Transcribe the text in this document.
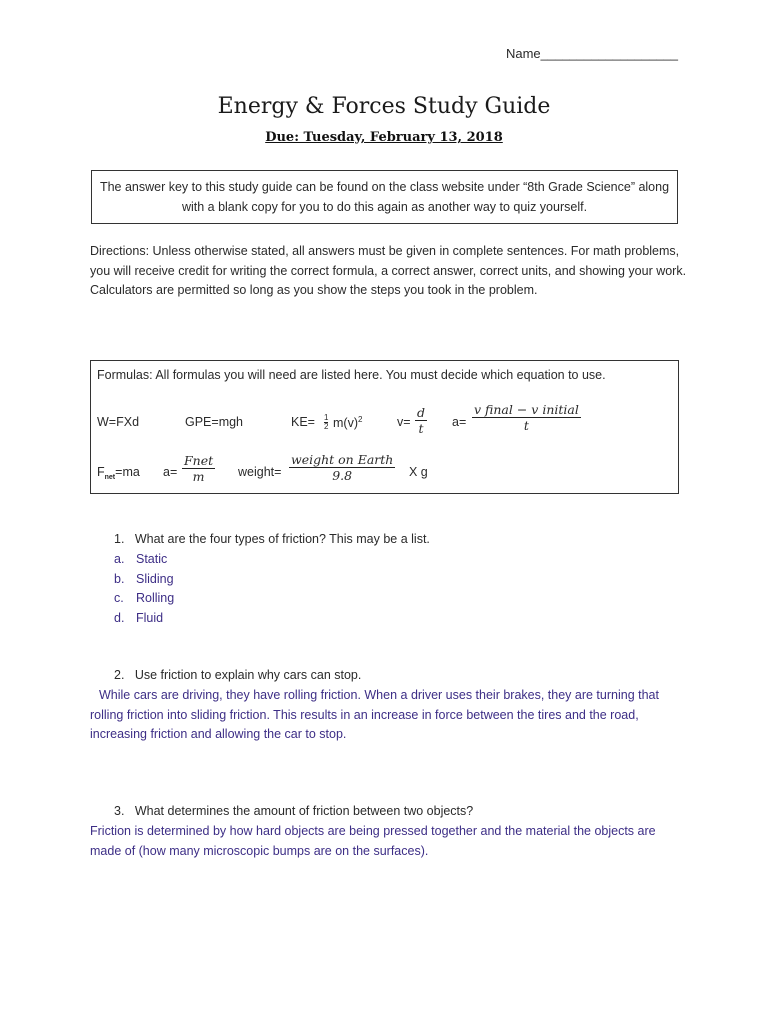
Name___________________
Energy & Forces Study Guide
Due: Tuesday, February 13, 2018
The answer key to this study guide can be found on the class website under “8th Grade Science” along with a blank copy for you to do this again as another way to quiz yourself.
Directions: Unless otherwise stated, all answers must be given in complete sentences. For math problems, you will receive credit for writing the correct formula, a correct answer, correct units, and showing your work. Calculators are permitted so long as you show the steps you took in the problem.
Formulas: All formulas you will need are listed here. You must decide which equation to use.
W=FXd	GPE=mgh	KE= 1
2 $m(v)^2$	v=
d
t a=
v final − v initial
t
$F_{net}=ma$ a=
Fnet
m	weight=
weight on Earth
9.8	X g
1. What are the four types of friction? This may be a list.
a. Static
b. Sliding
c. Rolling
d. Fluid
2. Use friction to explain why cars can stop.
While cars are driving, they have rolling friction. When a driver uses their brakes, they are turning that rolling friction into sliding friction. This results in an increase in force between the tires and the road, increasing friction and allowing the car to stop.
3. What determines the amount of friction between two objects?
Friction is determined by how hard objects are being pressed together and the material the objects are made of (how many microscopic bumps are on the surfaces).
